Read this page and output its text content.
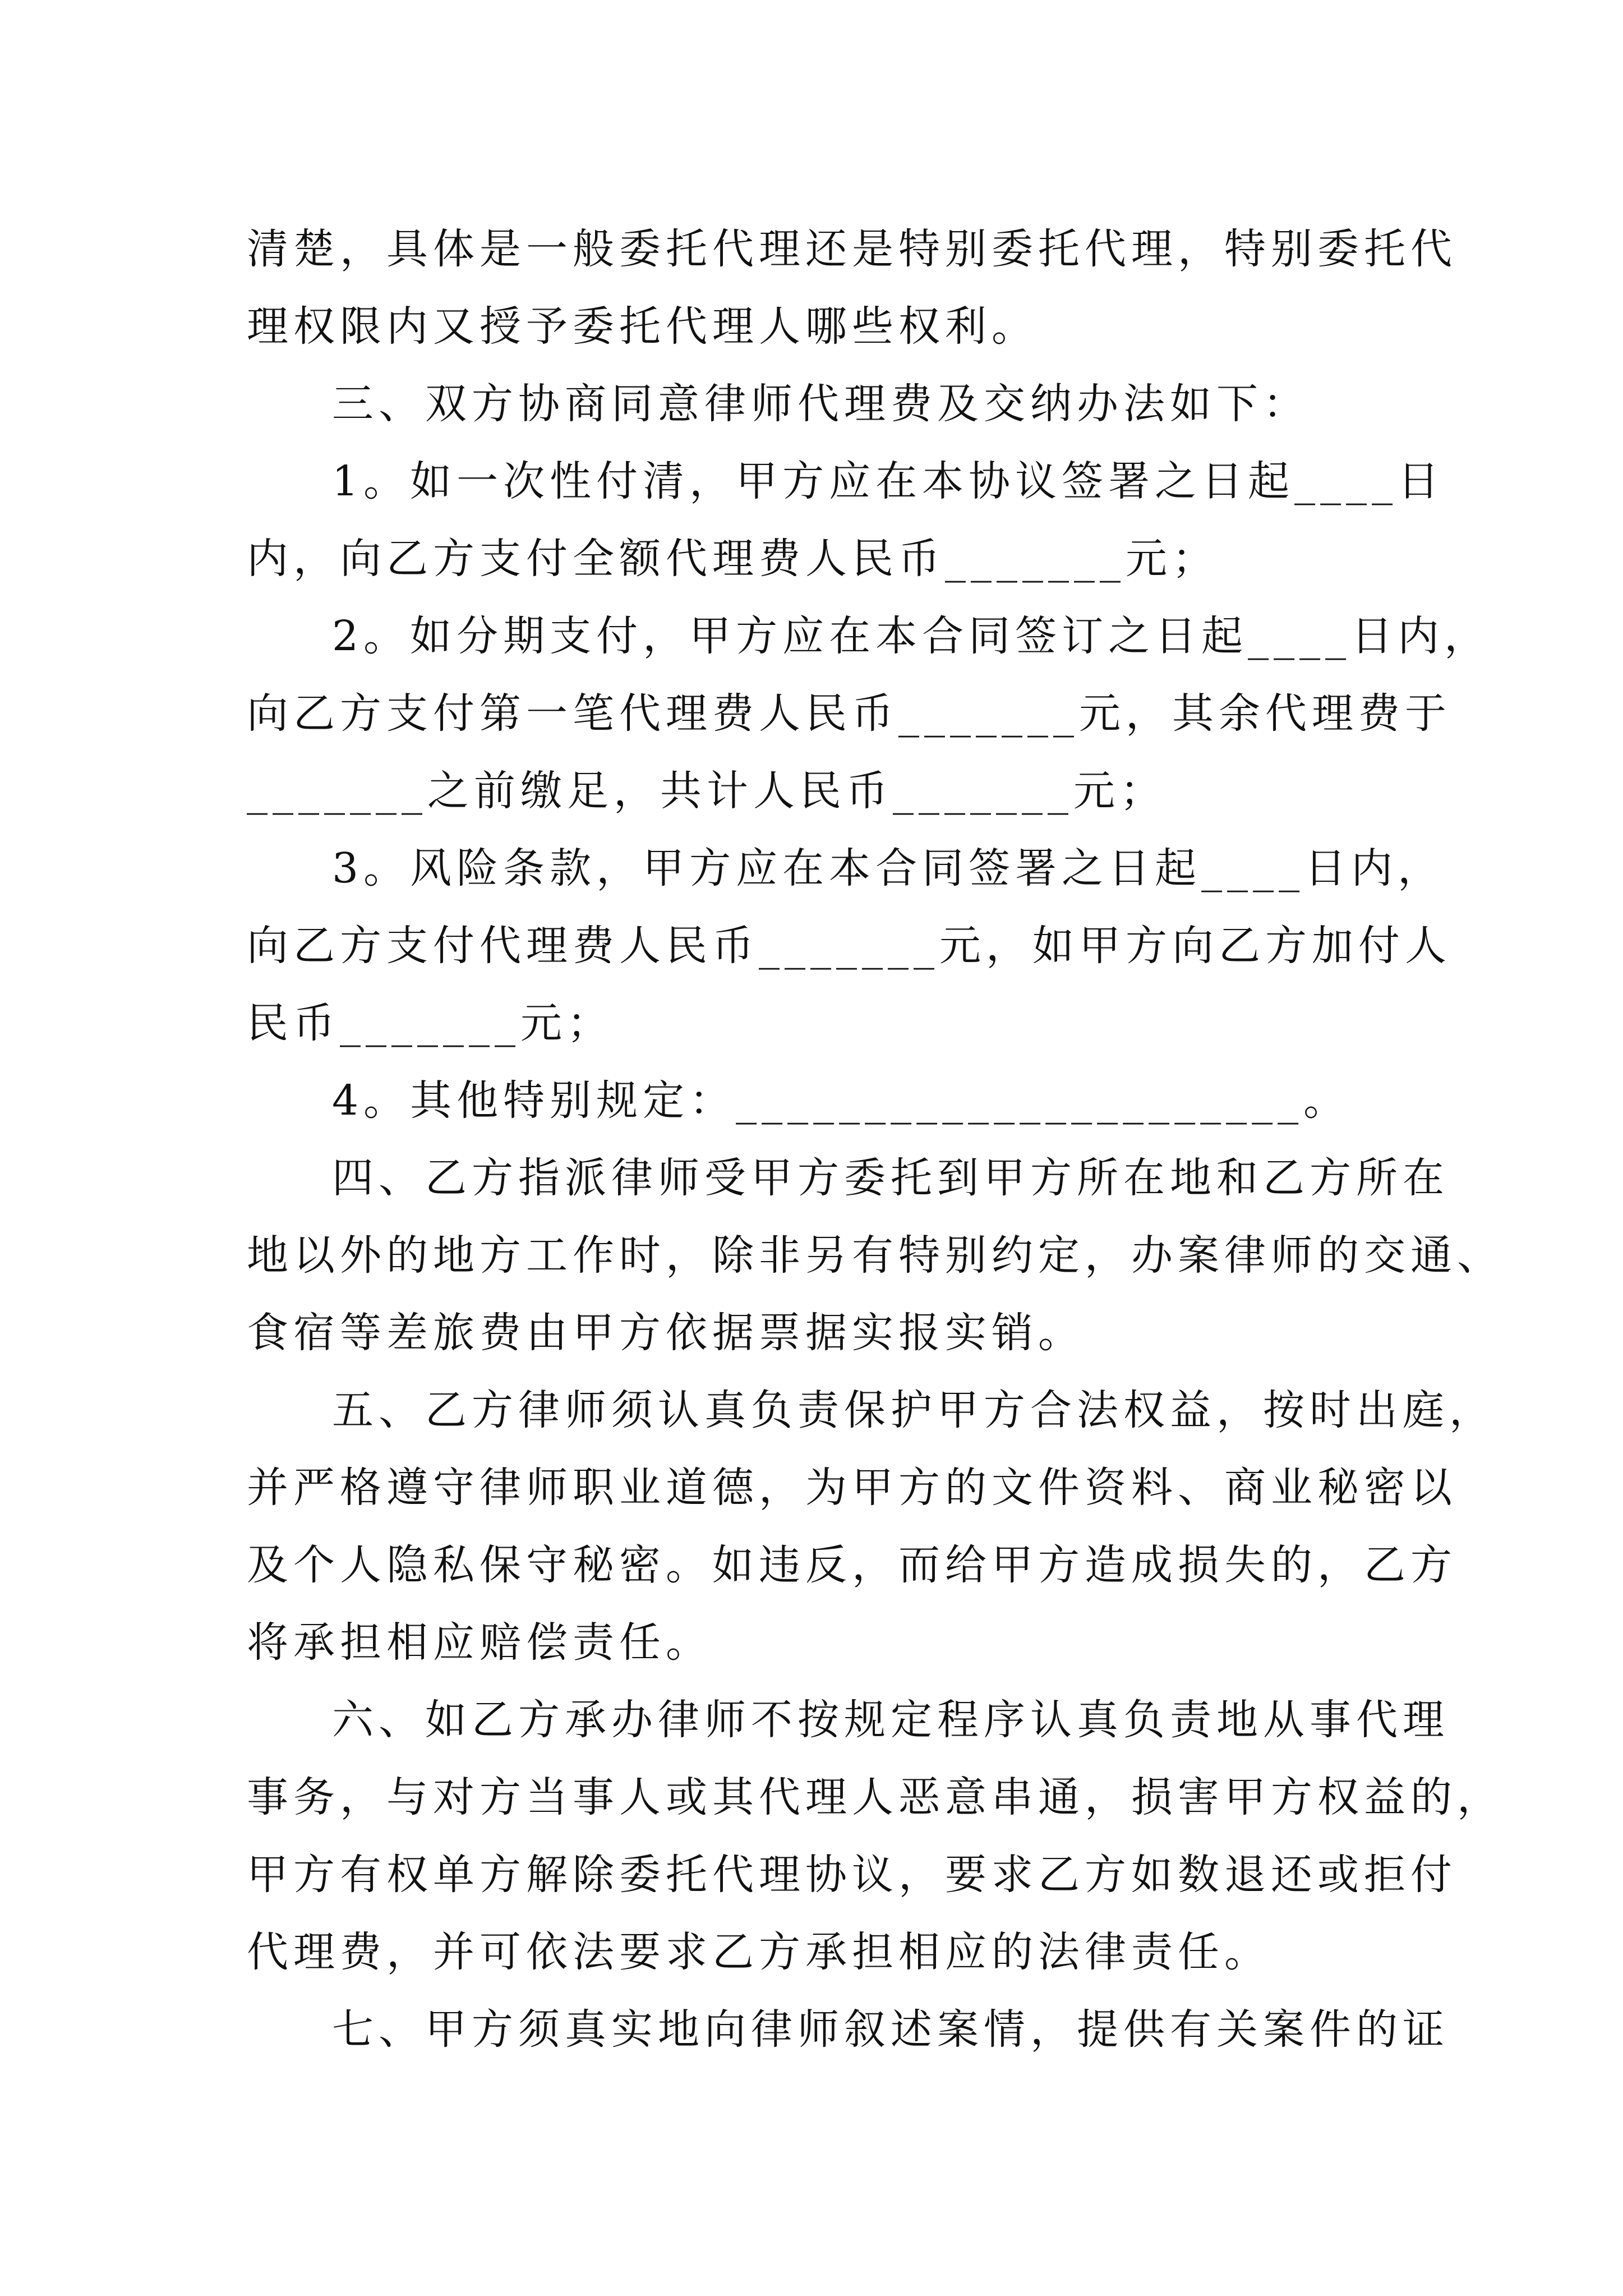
清楚，具体是一般委托代理还是特别委托代理，特别委托代
理权限内又授予委托代理人哪些权利。
三、双方协商同意律师代理费及交纳办法如下：
1。如一次性付清，甲方应在本协议签署之日起____日
内，向乙方支付全额代理费人民币_______元；
2。如分期支付，甲方应在本合同签订之日起____日内，
向乙方支付第一笔代理费人民币_______元，其余代理费于
_______之前缴足，共计人民币_______元；
3。风险条款，甲方应在本合同签署之日起____日内，
向乙方支付代理费人民币_______元，如甲方向乙方加付人
民币_______元；
4。其他特别规定：______________________。
四、乙方指派律师受甲方委托到甲方所在地和乙方所在
地以外的地方工作时，除非另有特别约定，办案律师的交通、
食宿等差旅费由甲方依据票据实报实销。
五、乙方律师须认真负责保护甲方合法权益，按时出庭，
并严格遵守律师职业道德，为甲方的文件资料、商业秘密以
及个人隐私保守秘密。如违反，而给甲方造成损失的，乙方
将承担相应赔偿责任。
六、如乙方承办律师不按规定程序认真负责地从事代理
事务，与对方当事人或其代理人恶意串通，损害甲方权益的，
甲方有权单方解除委托代理协议，要求乙方如数退还或拒付
代理费，并可依法要求乙方承担相应的法律责任。
七、甲方须真实地向律师叙述案情，提供有关案件的证
